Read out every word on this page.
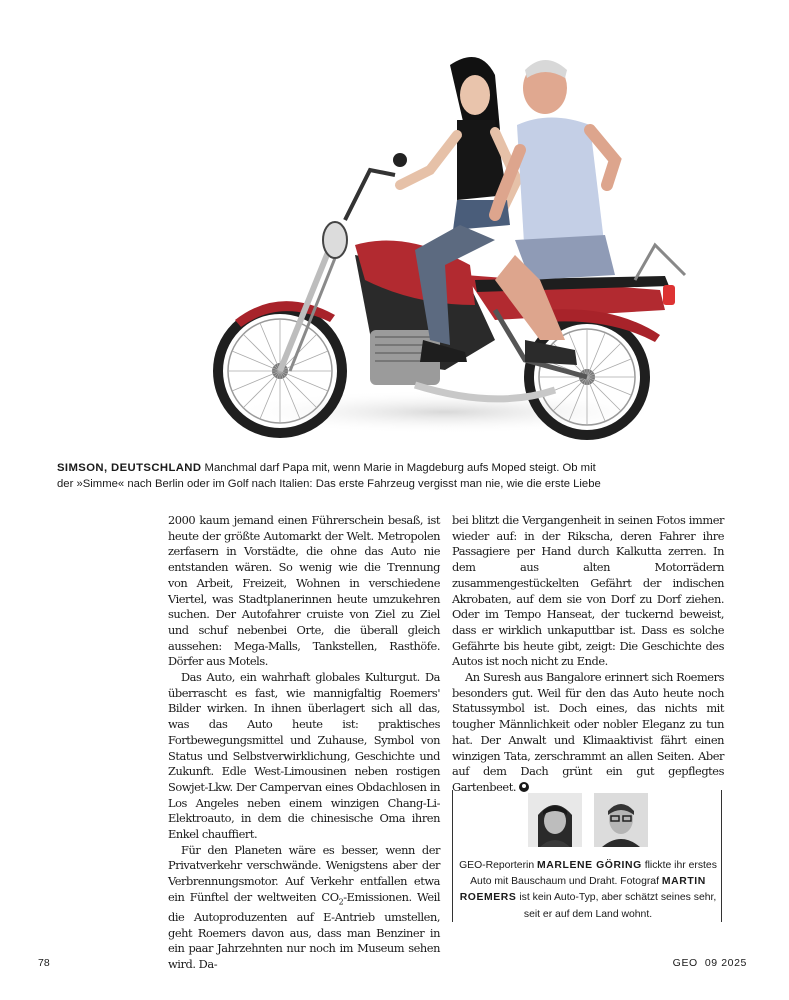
SIMSON, DEUTSCHLAND Manchmal darf Papa mit, wenn Marie in Magdeburg aufs Moped steigt. Ob mit
der »Simme« nach Berlin oder im Golf nach Italien: Das erste Fahrzeug vergisst man nie, wie die erste Liebe

2000 kaum jemand einen Führerschein besaß, ist heute der größte Automarkt der Welt. Metropolen zerfasern in Vorstädte, die ohne das Auto nie entstanden wären. So wenig wie die Trennung von Arbeit, Freizeit, Wohnen in verschiedene Viertel, was Stadtplanerinnen heute umzukehren suchen. Der Autofahrer cruiste von Ziel zu Ziel und schuf nebenbei Orte, die überall gleich aussehen: Mega-Malls, Tankstellen, Rasthöfe. Dörfer aus Motels.

Das Auto, ein wahrhaft globales Kulturgut. Da überrascht es fast, wie mannigfaltig Roemers' Bilder wirken. In ihnen überlagert sich all das, was das Auto heute ist: praktisches Fortbewegungsmittel und Zuhause, Symbol von Status und Selbstverwirklichung, Geschichte und Zukunft. Edle West-Limousinen neben rostigen Sowjet-Lkw. Der Campervan eines Obdachlosen in Los Angeles neben einem winzigen Chang-Li-Elektroauto, in dem die chinesische Oma ihren Enkel chauffiert.

Für den Planeten wäre es besser, wenn der Privatverkehr verschwände. Wenigstens aber der Verbrennungsmotor. Auf Verkehr entfallen etwa ein Fünftel der weltweiten $CO_2$-Emissionen. Weil die Autoproduzenten auf E-Antrieb umstellen, geht Roemers davon aus, dass man Benziner in ein paar Jahrzehnten nur noch im Museum sehen wird. Da-

bei blitzt die Vergangenheit in seinen Fotos immer wieder auf: in der Rikscha, deren Fahrer ihre Passagiere per Hand durch Kalkutta zerren. In dem aus alten Motorrädern zusammengestückelten Gefährt der indischen Akrobaten, auf dem sie von Dorf zu Dorf ziehen. Oder im Tempo Hanseat, der tuckernd beweist, dass er wirklich unkaputtbar ist. Dass es solche Gefährte bis heute gibt, zeigt: Die Geschichte des Autos ist noch nicht zu Ende.

An Suresh aus Bangalore erinnert sich Roemers besonders gut. Weil für den das Auto heute noch Statussymbol ist. Doch eines, das nichts mit tougher Männlichkeit oder nobler Eleganz zu tun hat. Der Anwalt und Klimaaktivist fährt einen winzigen Tata, zerschrammt an allen Seiten. Aber auf dem Dach grünt ein gut gepflegtes Gartenbeet.

GEO-Reporterin MARLENE GÖRING flickte ihr erstes Auto mit Bauschaum und Draht. Fotograf MARTIN ROEMERS ist kein Auto-Typ, aber schätzt seines sehr, seit er auf dem Land wohnt.
78	GEO  09 2025
